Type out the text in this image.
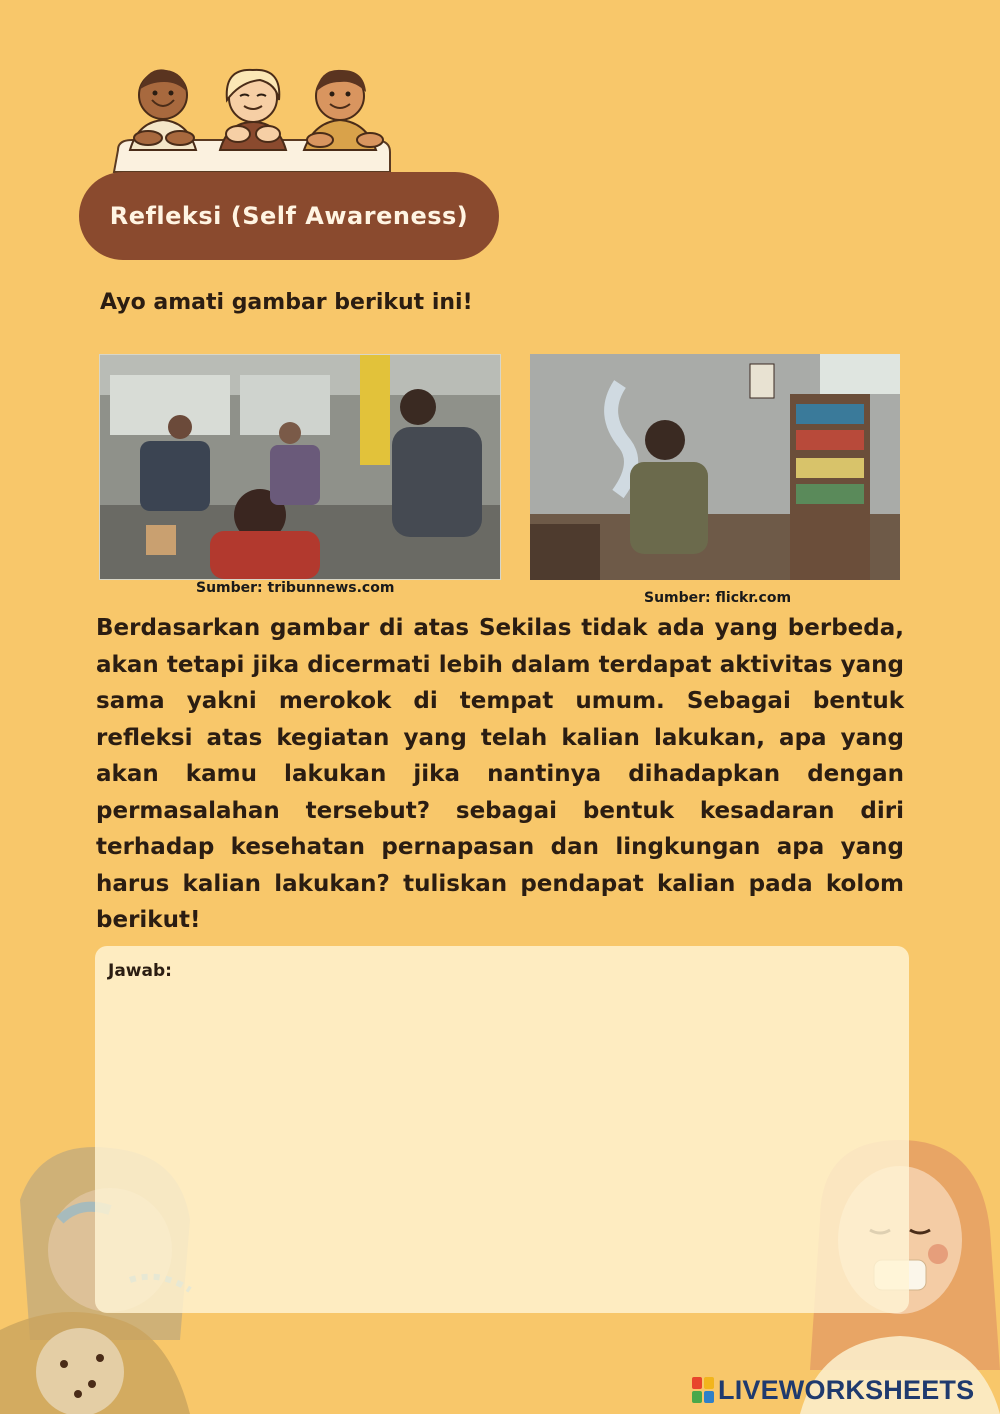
Refleksi (Self Awareness)
Ayo amati gambar berikut ini!
Sumber: tribunnews.com
Sumber: flickr.com

Berdasarkan gambar di atas Sekilas tidak ada yang berbeda, akan tetapi jika dicermati lebih dalam terdapat aktivitas yang sama yakni merokok di tempat umum. Sebagai bentuk refleksi atas kegiatan yang telah kalian lakukan, apa yang akan kamu lakukan jika nantinya dihadapkan dengan permasalahan tersebut? sebagai bentuk kesadaran diri terhadap kesehatan pernapasan dan lingkungan apa yang harus kalian lakukan? tuliskan pendapat kalian pada kolom berikut!

Jawab:
LIVEWORKSHEETS
